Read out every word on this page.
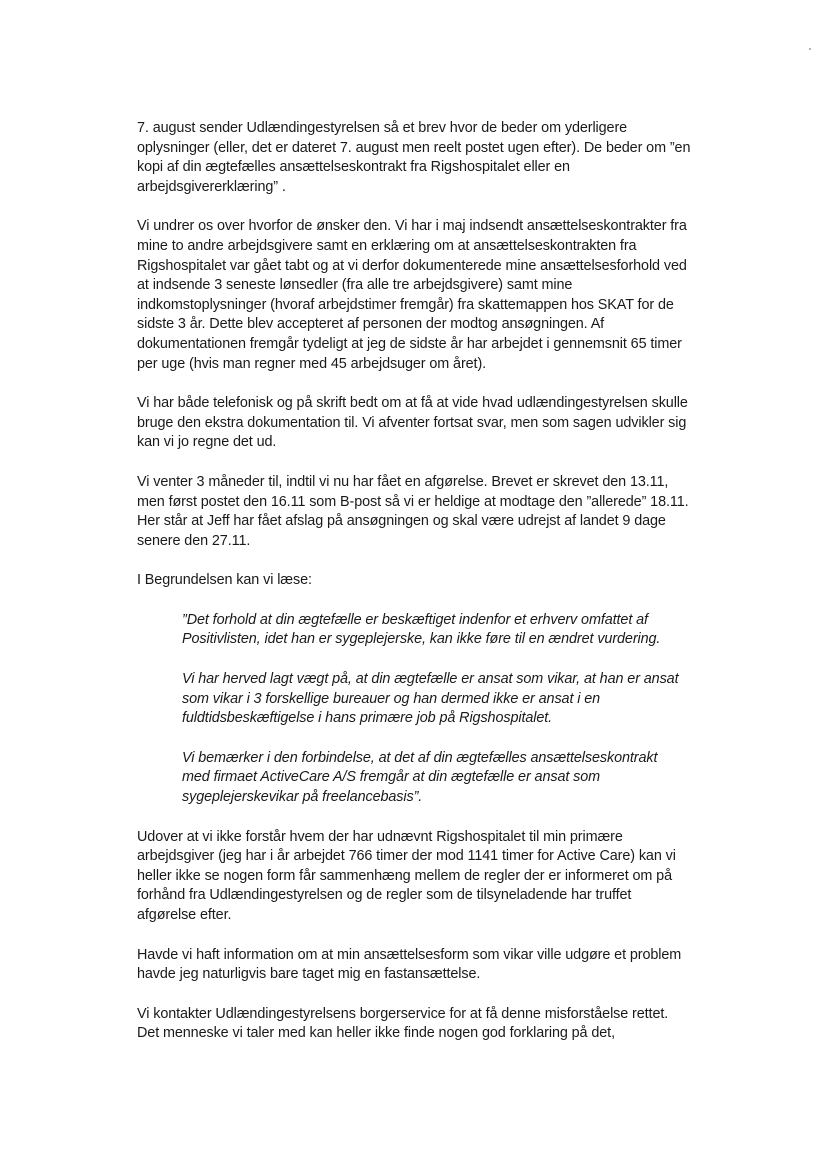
7. august sender Udlændingestyrelsen så et brev hvor de beder om yderligere oplysninger (eller, det er dateret 7. august men reelt postet ugen efter). De beder om ”en kopi af din ægtefælles ansættelseskontrakt fra Rigshospitalet eller en arbejdsgivererklæring” .

Vi undrer os over hvorfor de ønsker den. Vi har i maj indsendt ansættelseskontrakter fra mine to andre arbejdsgivere samt en erklæring om at ansættelseskontrakten fra Rigshospitalet var gået tabt og at vi derfor dokumenterede mine ansættelsesforhold ved at indsende 3 seneste lønsedler (fra alle tre arbejdsgivere) samt mine indkomstoplysninger (hvoraf arbejdstimer fremgår) fra skattemappen hos SKAT for de sidste 3 år. Dette blev accepteret af personen der modtog ansøgningen. Af dokumentationen fremgår tydeligt at jeg de sidste år har arbejdet i gennemsnit 65 timer per uge (hvis man regner med 45 arbejdsuger om året).

Vi har både telefonisk og på skrift bedt om at få at vide hvad udlændingestyrelsen skulle bruge den ekstra dokumentation til. Vi afventer fortsat svar, men som sagen udvikler sig kan vi jo regne det ud.

Vi venter 3 måneder til, indtil vi nu har fået en afgørelse. Brevet er skrevet den 13.11, men først postet den 16.11 som B-post så vi er heldige at modtage den ”allerede” 18.11. Her står at Jeff har fået afslag på ansøgningen og skal være udrejst af landet 9 dage senere den 27.11.

I Begrundelsen kan vi læse:

”Det forhold at din ægtefælle er beskæftiget indenfor et erhverv omfattet af Positivlisten, idet han er sygeplejerske, kan ikke føre til en ændret vurdering.

Vi har herved lagt vægt på, at din ægtefælle er ansat som vikar, at han er ansat som vikar i 3 forskellige bureauer og han dermed ikke er ansat i en fuldtidsbeskæftigelse i hans primære job på Rigshospitalet.

Vi bemærker i den forbindelse, at det af din ægtefælles ansættelseskontrakt med firmaet ActiveCare A/S fremgår at din ægtefælle er ansat som sygeplejerskevikar på freelancebasis”.

Udover at vi ikke forstår hvem der har udnævnt Rigshospitalet til min primære arbejdsgiver (jeg har i år arbejdet 766 timer der mod 1141 timer for Active Care) kan vi heller ikke se nogen form får sammenhæng mellem de regler der er informeret om på forhånd fra Udlændingestyrelsen og de regler som de tilsyneladende har truffet afgørelse efter.

Havde vi haft information om at min ansættelsesform som vikar ville udgøre et problem havde jeg naturligvis bare taget mig en fastansættelse.

Vi kontakter Udlændingestyrelsens borgerservice for at få denne misforståelse rettet. Det menneske vi taler med kan heller ikke finde nogen god forklaring på det,
